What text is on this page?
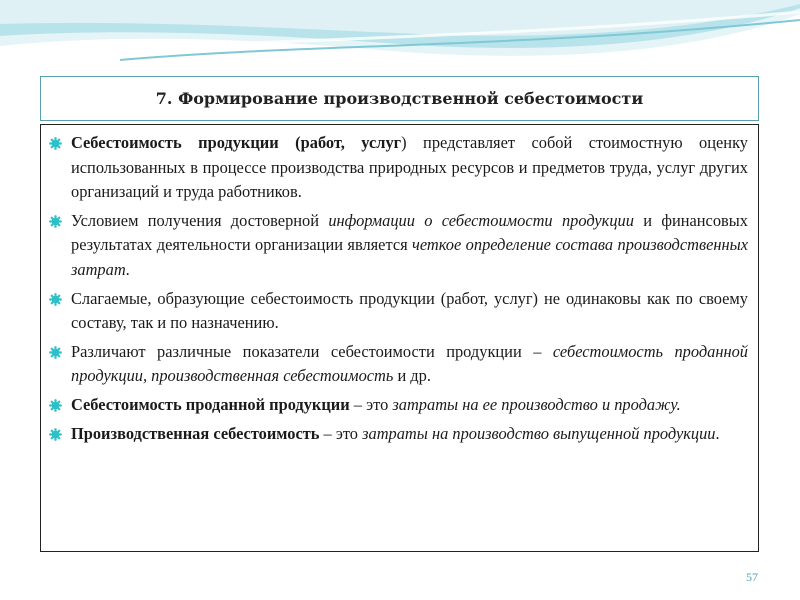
7. Формирование производственной себестоимости
Себестоимость продукции (работ, услуг) представляет собой стоимостную оценку использованных в процессе производства природных ресурсов и предметов труда, услуг других организаций и труда работников.
Условием получения достоверной информации о себестоимости продукции и финансовых результатах деятельности организации является четкое определение состава производственных затрат.
Слагаемые, образующие себестоимость продукции (работ, услуг) не одинаковы как по своему составу, так и по назначению.
Различают различные показатели себестоимости продукции – себестоимость проданной продукции, производственная себестоимость и др.
Себестоимость проданной продукции – это затраты на ее производство и продажу.
Производственная себестоимость – это затраты на производство выпущенной продукции.
57
